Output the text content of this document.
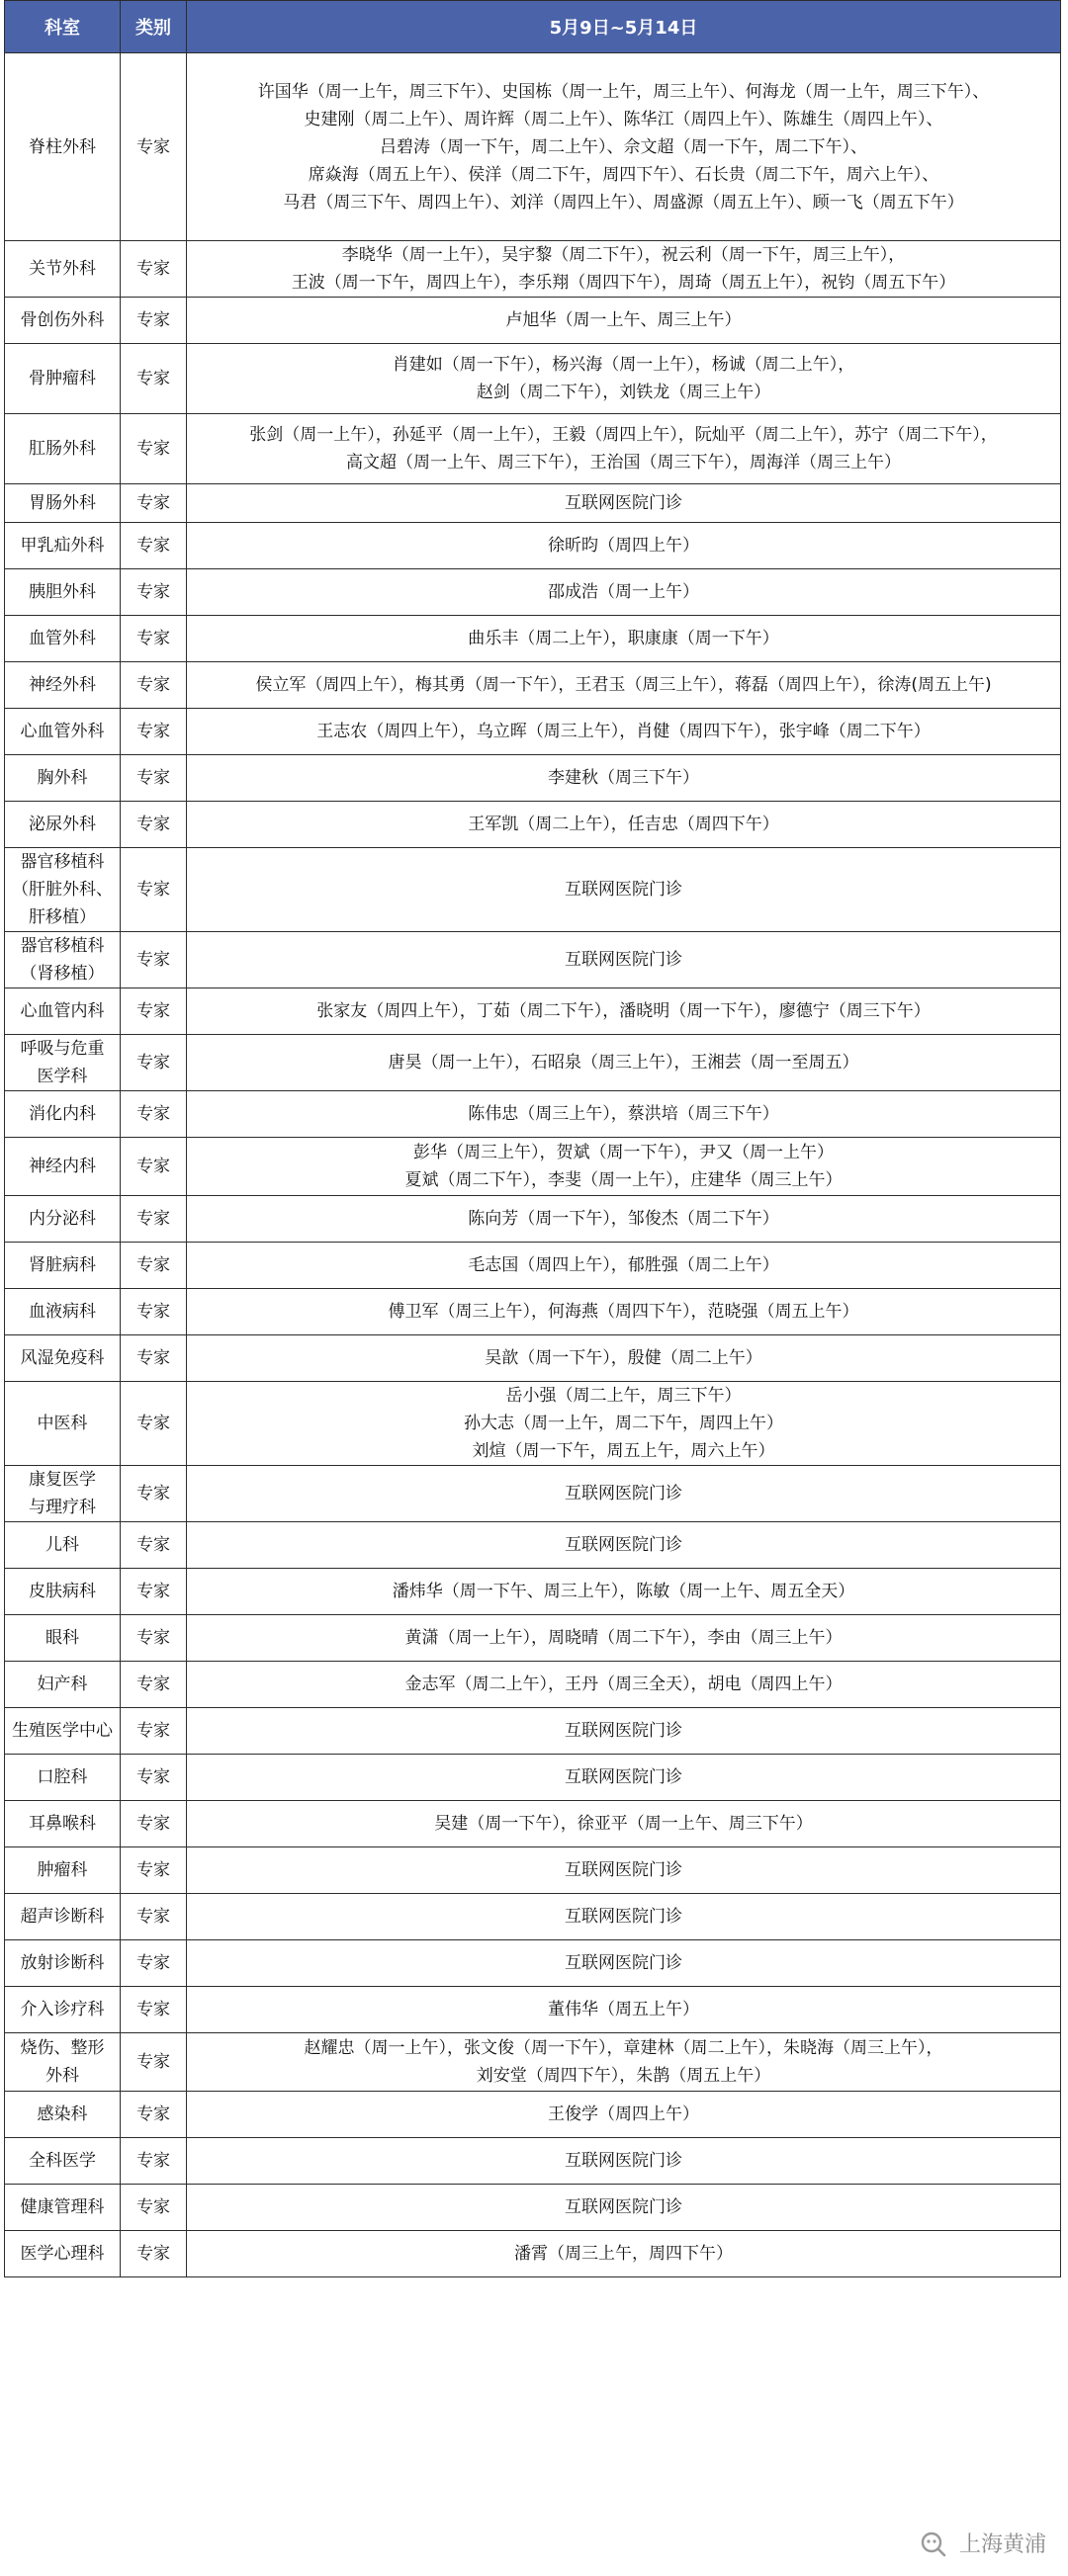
科室	类别	5月9日~5月14日
脊柱外科	专家	许国华（周一上午，周三下午）、史国栋（周一上午，周三上午）、何海龙（周一上午，周三下午）、
史建刚（周二上午）、周许辉（周二上午）、陈华江（周四上午）、陈雄生（周四上午）、
吕碧涛（周一下午，周二上午）、佘文超（周一下午，周二下午）、
席焱海（周五上午）、侯洋（周二下午，周四下午）、石长贵（周二下午，周六上午）、
马君（周三下午、周四上午）、刘洋（周四上午）、周盛源（周五上午）、顾一飞（周五下午）
关节外科	专家	李晓华（周一上午），吴宇黎（周二下午），祝云利（周一下午，周三上午），
王波（周一下午，周四上午），李乐翔（周四下午），周琦（周五上午），祝钧（周五下午）
骨创伤外科	专家	卢旭华（周一上午、周三上午）
骨肿瘤科	专家	肖建如（周一下午），杨兴海（周一上午），杨诚（周二上午），
赵剑（周二下午），刘铁龙（周三上午）
肛肠外科	专家	张剑（周一上午），孙延平（周一上午），王毅（周四上午），阮灿平（周二上午），苏宁（周二下午），
高文超（周一上午、周三下午），王治国（周三下午），周海洋（周三上午）
胃肠外科	专家	互联网医院门诊
甲乳疝外科	专家	徐昕昀（周四上午）
胰胆外科	专家	邵成浩（周一上午）
血管外科	专家	曲乐丰（周二上午），职康康（周一下午）
神经外科	专家	侯立军（周四上午），梅其勇（周一下午），王君玉（周三上午），蒋磊（周四上午），徐涛(周五上午)
心血管外科	专家	王志农（周四上午），乌立晖（周三上午），肖健（周四下午），张宇峰（周二下午）
胸外科	专家	李建秋（周三下午）
泌尿外科	专家	王军凯（周二上午），任吉忠（周四下午）
器官移植科
（肝脏外科、
肝移植）	专家	互联网医院门诊
器官移植科
（肾移植）	专家	互联网医院门诊
心血管内科	专家	张家友（周四上午），丁茹（周二下午），潘晓明（周一下午），廖德宁（周三下午）
呼吸与危重
医学科	专家	唐昊（周一上午），石昭泉（周三上午），王湘芸（周一至周五）
消化内科	专家	陈伟忠（周三上午），蔡洪培（周三下午）
神经内科	专家	彭华（周三上午），贺斌（周一下午），尹又（周一上午）
夏斌（周二下午），李斐（周一上午），庄建华（周三上午）
内分泌科	专家	陈向芳（周一下午），邹俊杰（周二下午）
肾脏病科	专家	毛志国（周四上午），郁胜强（周二上午）
血液病科	专家	傅卫军（周三上午），何海燕（周四下午），范晓强（周五上午）
风湿免疫科	专家	吴歆（周一下午），殷健（周二上午）
中医科	专家	岳小强（周二上午，周三下午）
孙大志（周一上午，周二下午，周四上午）
刘煊（周一下午，周五上午，周六上午）
康复医学
与理疗科	专家	互联网医院门诊
儿科	专家	互联网医院门诊
皮肤病科	专家	潘炜华（周一下午、周三上午），陈敏（周一上午、周五全天）
眼科	专家	黄潇（周一上午），周晓晴（周二下午），李由（周三上午）
妇产科	专家	金志军（周二上午），王丹（周三全天），胡电（周四上午）
生殖医学中心	专家	互联网医院门诊
口腔科	专家	互联网医院门诊
耳鼻喉科	专家	吴建（周一下午），徐亚平（周一上午、周三下午）
肿瘤科	专家	互联网医院门诊
超声诊断科	专家	互联网医院门诊
放射诊断科	专家	互联网医院门诊
介入诊疗科	专家	董伟华（周五上午）
烧伤、整形
外科	专家	赵耀忠（周一上午），张文俊（周一下午），章建林（周二上午），朱晓海（周三上午），
刘安堂（周四下午），朱鹊（周五上午）
感染科	专家	王俊学（周四上午）
全科医学	专家	互联网医院门诊
健康管理科	专家	互联网医院门诊
医学心理科	专家	潘霄（周三上午，周四下午）
上海黄浦
